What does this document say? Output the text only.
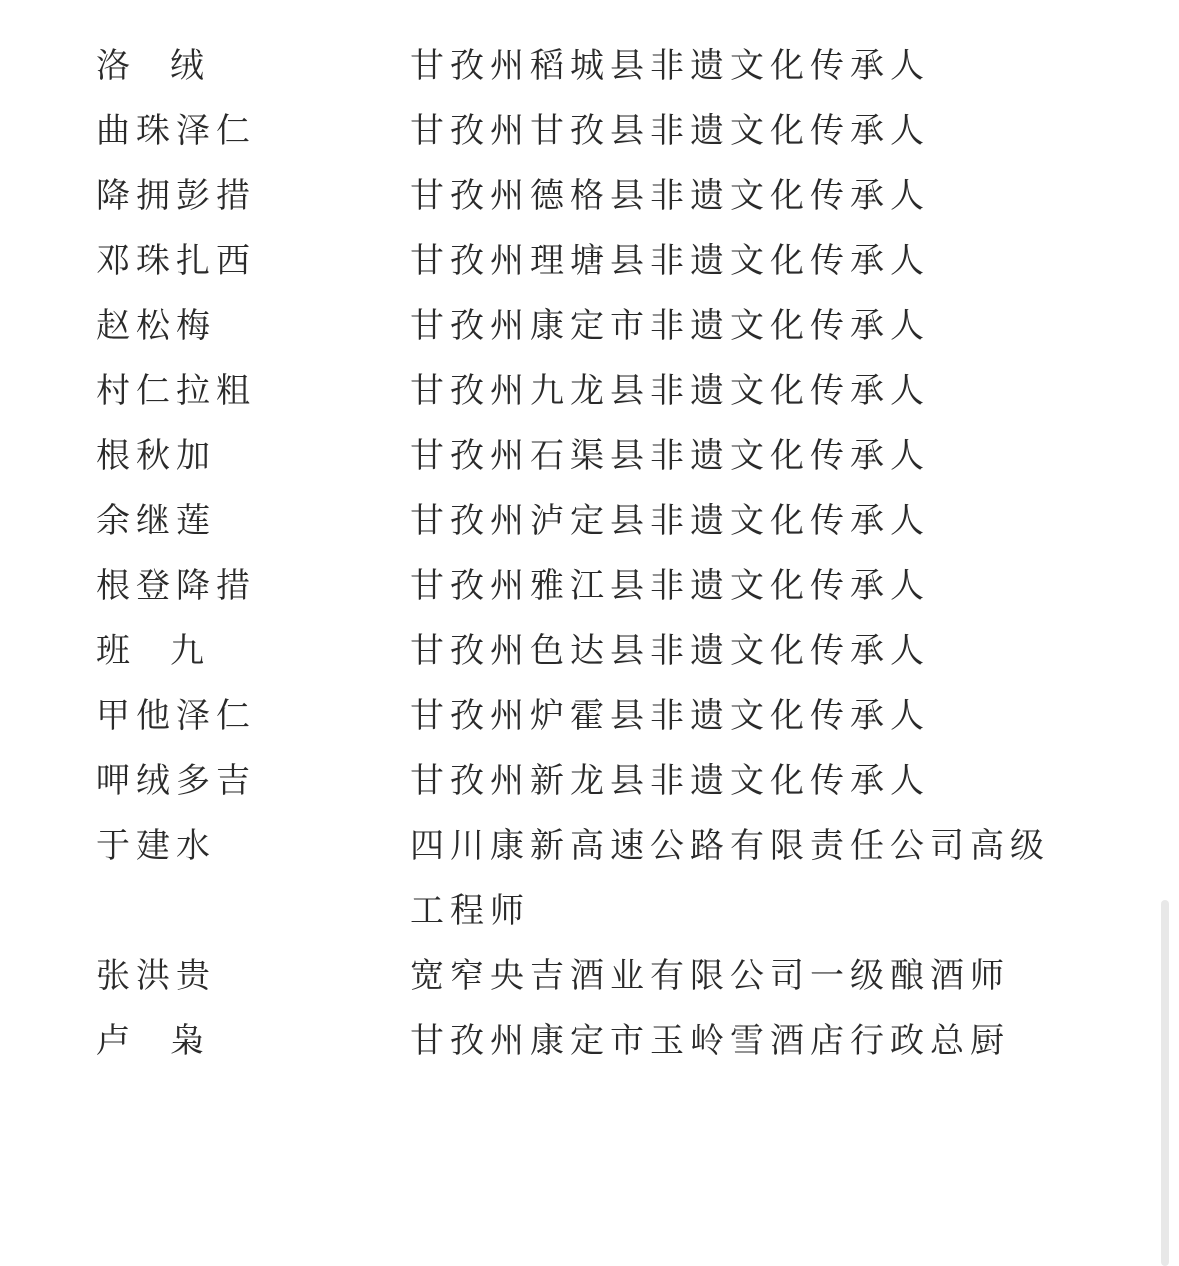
洛绒	甘孜州稻城县非遗文化传承人
曲珠泽仁	甘孜州甘孜县非遗文化传承人
降拥彭措	甘孜州德格县非遗文化传承人
邓珠扎西	甘孜州理塘县非遗文化传承人
赵松梅	甘孜州康定市非遗文化传承人
村仁拉粗	甘孜州九龙县非遗文化传承人
根秋加	甘孜州石渠县非遗文化传承人
余继莲	甘孜州泸定县非遗文化传承人
根登降措	甘孜州雅江县非遗文化传承人
班九	甘孜州色达县非遗文化传承人
甲他泽仁	甘孜州炉霍县非遗文化传承人
呷绒多吉	甘孜州新龙县非遗文化传承人
于建水	四川康新高速公路有限责任公司高级
工程师
张洪贵	宽窄央吉酒业有限公司一级酿酒师
卢枭	甘孜州康定市玉岭雪酒店行政总厨
